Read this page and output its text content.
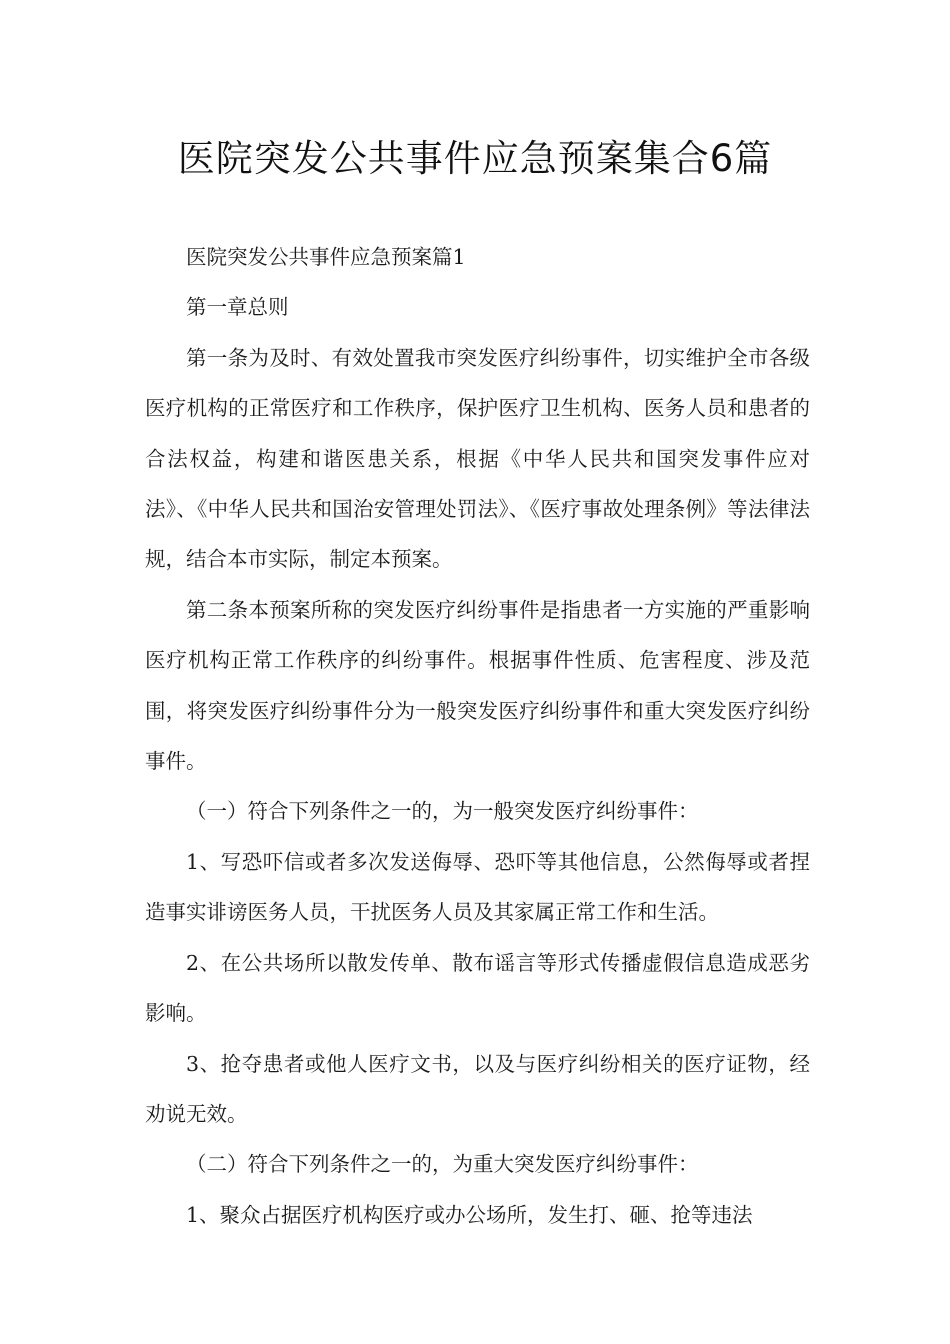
医院突发公共事件应急预案集合6篇

医院突发公共事件应急预案篇1

第一章总则

第一条为及时、有效处置我市突发医疗纠纷事件，切实维护全市各级医疗机构的正常医疗和工作秩序，保护医疗卫生机构、医务人员和患者的合法权益，构建和谐医患关系，根据《中华人民共和国突发事件应对法》、《中华人民共和国治安管理处罚法》、《医疗事故处理条例》等法律法规，结合本市实际，制定本预案。

第二条本预案所称的突发医疗纠纷事件是指患者一方实施的严重影响医疗机构正常工作秩序的纠纷事件。根据事件性质、危害程度、涉及范围，将突发医疗纠纷事件分为一般突发医疗纠纷事件和重大突发医疗纠纷事件。

（一）符合下列条件之一的，为一般突发医疗纠纷事件：

1、写恐吓信或者多次发送侮辱、恐吓等其他信息，公然侮辱或者捏造事实诽谤医务人员，干扰医务人员及其家属正常工作和生活。

2、在公共场所以散发传单、散布谣言等形式传播虚假信息造成恶劣影响。

3、抢夺患者或他人医疗文书，以及与医疗纠纷相关的医疗证物，经劝说无效。

（二）符合下列条件之一的，为重大突发医疗纠纷事件：

1、聚众占据医疗机构医疗或办公场所，发生打、砸、抢等违法
